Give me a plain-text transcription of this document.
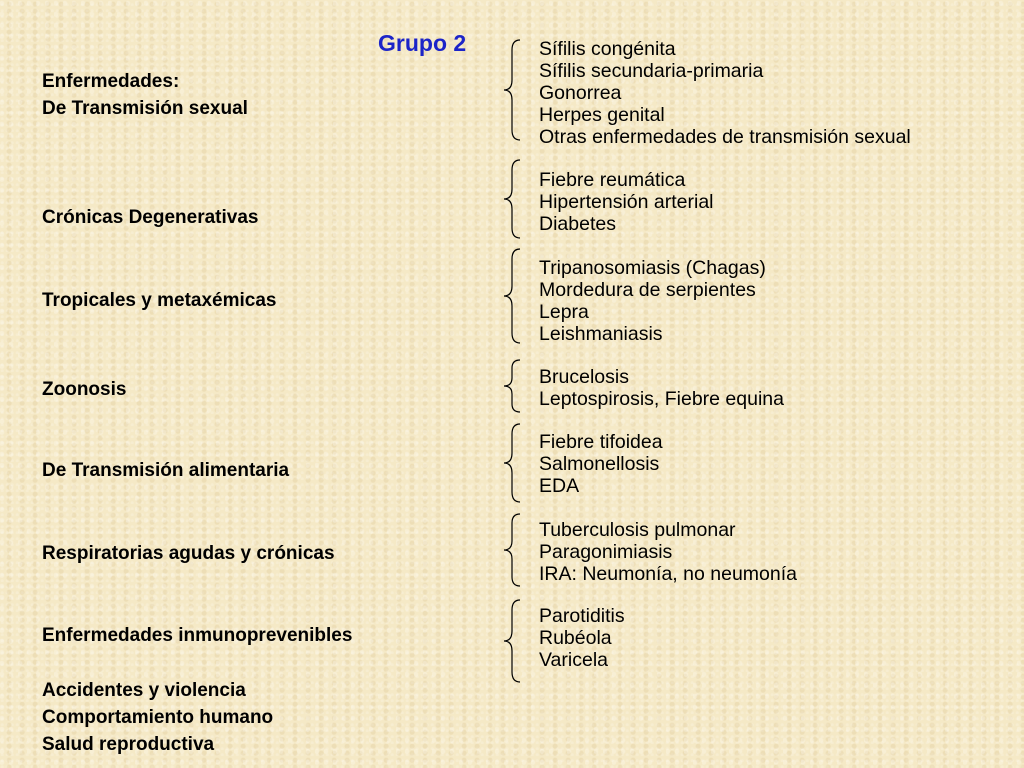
Grupo 2
Enfermedades:
De Transmisión sexual
Crónicas Degenerativas
Tropicales y metaxémicas
Zoonosis
De Transmisión alimentaria
Respiratorias agudas y crónicas
Enfermedades inmunoprevenibles
Accidentes y violencia
Comportamiento humano
Salud reproductiva
Sífilis congénita
Sífilis secundaria-primaria
Gonorrea
Herpes genital
Otras enfermedades de transmisión sexual
Fiebre reumática
Hipertensión arterial
Diabetes
Tripanosomiasis (Chagas)
Mordedura de serpientes
Lepra
Leishmaniasis
Brucelosis
Leptospirosis, Fiebre equina
Fiebre tifoidea
Salmonellosis
EDA
Tuberculosis pulmonar
Paragonimiasis
IRA: Neumonía, no neumonía
Parotiditis
Rubéola
Varicela
